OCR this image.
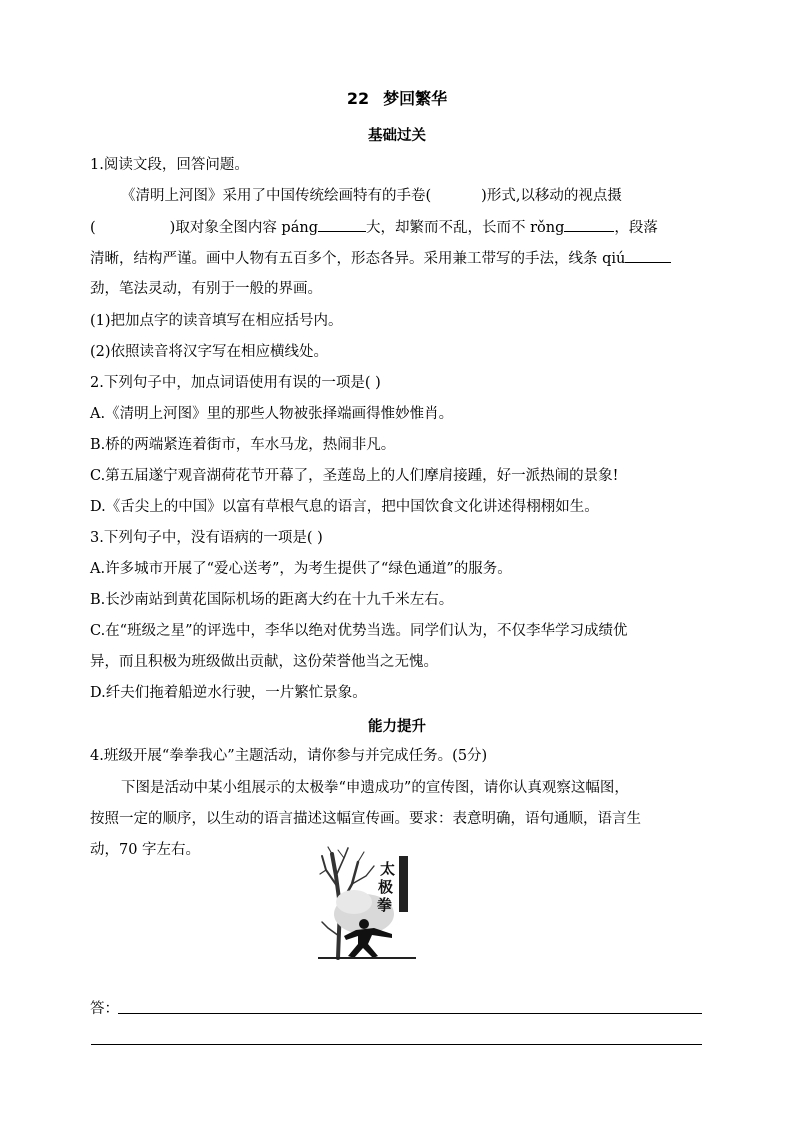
22 梦回繁华
基础过关
1.阅读文段，回答问题。
《清明上河图》采用了中国传统绘画特有的手卷(	)形式,以移动的视点摄
(	)取对象全图内容 páng	大，却繁而不乱，长而不 rǒng	，段落
清晰，结构严谨。画中人物有五百多个，形态各异。采用兼工带写的手法，线条 qiú
劲，笔法灵动，有别于一般的界画。
(1)把加点字的读音填写在相应括号内。
(2)依照读音将汉字写在相应横线处。
2.下列句子中，加点词语使用有误的一项是( )
A.《清明上河图》里的那些人物被张择端画得惟妙惟肖。
B.桥的两端紧连着街市，车水马龙，热闹非凡。
C.第五届遂宁观音湖荷花节开幕了，圣莲岛上的人们摩肩接踵，好一派热闹的景象!
D.《舌尖上的中国》以富有草根气息的语言，把中国饮食文化讲述得栩栩如生。
3.下列句子中，没有语病的一项是( )
A.许多城市开展了“爱心送考”，为考生提供了“绿色通道”的服务。
B.长沙南站到黄花国际机场的距离大约在十九千米左右。
C.在“班级之星”的评选中，李华以绝对优势当选。同学们认为，不仅李华学习成绩优
异，而且积极为班级做出贡献，这份荣誉他当之无愧。
D.纤夫们拖着船逆水行驶，一片繁忙景象。
能力提升
4.班级开展“拳拳我心”主题活动，请你参与并完成任务。(5分)
下图是活动中某小组展示的太极拳“申遗成功”的宣传图，请你认真观察这幅图，
按照一定的顺序，以生动的语言描述这幅宣传画。要求：表意明确，语句通顺，语言生
动，70 字左右。
太
极
拳
答：
